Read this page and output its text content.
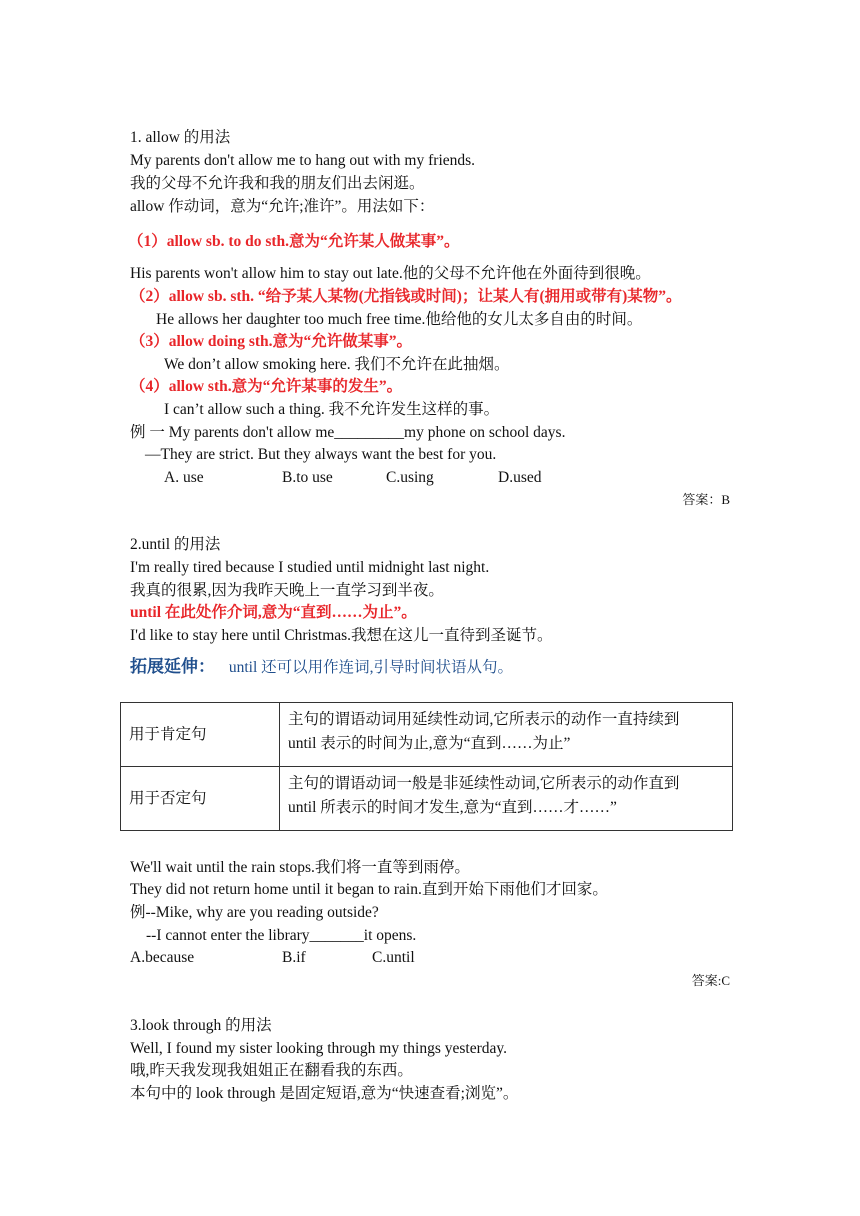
1. allow 的用法
My parents don't allow me to hang out with my friends.
我的父母不允许我和我的朋友们出去闲逛。
allow 作动词，意为“允许;准许”。用法如下：
（1）allow sb. to do sth.意为“允许某人做某事”。
His parents won't allow him to stay out late.他的父母不允许他在外面待到很晚。
（2）allow sb. sth. “给予某人某物(尤指钱或时间)；让某人有(拥用或带有)某物”。
He allows her daughter too much free time.他给他的女儿太多自由的时间。
（3）allow doing sth.意为“允许做某事”。
We don’t allow smoking here. 我们不允许在此抽烟。
（4）allow sth.意为“允许某事的发生”。
I can’t allow such a thing. 我不允许发生这样的事。
例 一 My parents don't allow me_________my phone on school days.
—They are strict. But they always want the best for you.
A. use	B.to use	C.using	D.used
答案：B
2.until 的用法
I'm really tired because I studied until midnight last night.
我真的很累,因为我昨天晚上一直学习到半夜。
until 在此处作介词,意为“直到……为止”。
I'd like to stay here until Christmas.我想在这儿一直待到圣诞节。
拓展延伸： until 还可以用作连词,引导时间状语从句。
用于肯定句	主句的谓语动词用延续性动词,它所表示的动作一直持续到
until 表示的时间为止,意为“直到……为止”

用于否定句	主句的谓语动词一般是非延续性动词,它所表示的动作直到
until 所表示的时间才发生,意为“直到……才……”
We'll wait until the rain stops.我们将一直等到雨停。
They did not return home until it began to rain.直到开始下雨他们才回家。
例--Mike, why are you reading outside?
--I cannot enter the library_______it opens.
A.because	B.if	C.until
答案:C
3.look through 的用法
Well, I found my sister looking through my things yesterday.
哦,昨天我发现我姐姐正在翻看我的东西。
本句中的 look through 是固定短语,意为“快速查看;浏览”。
